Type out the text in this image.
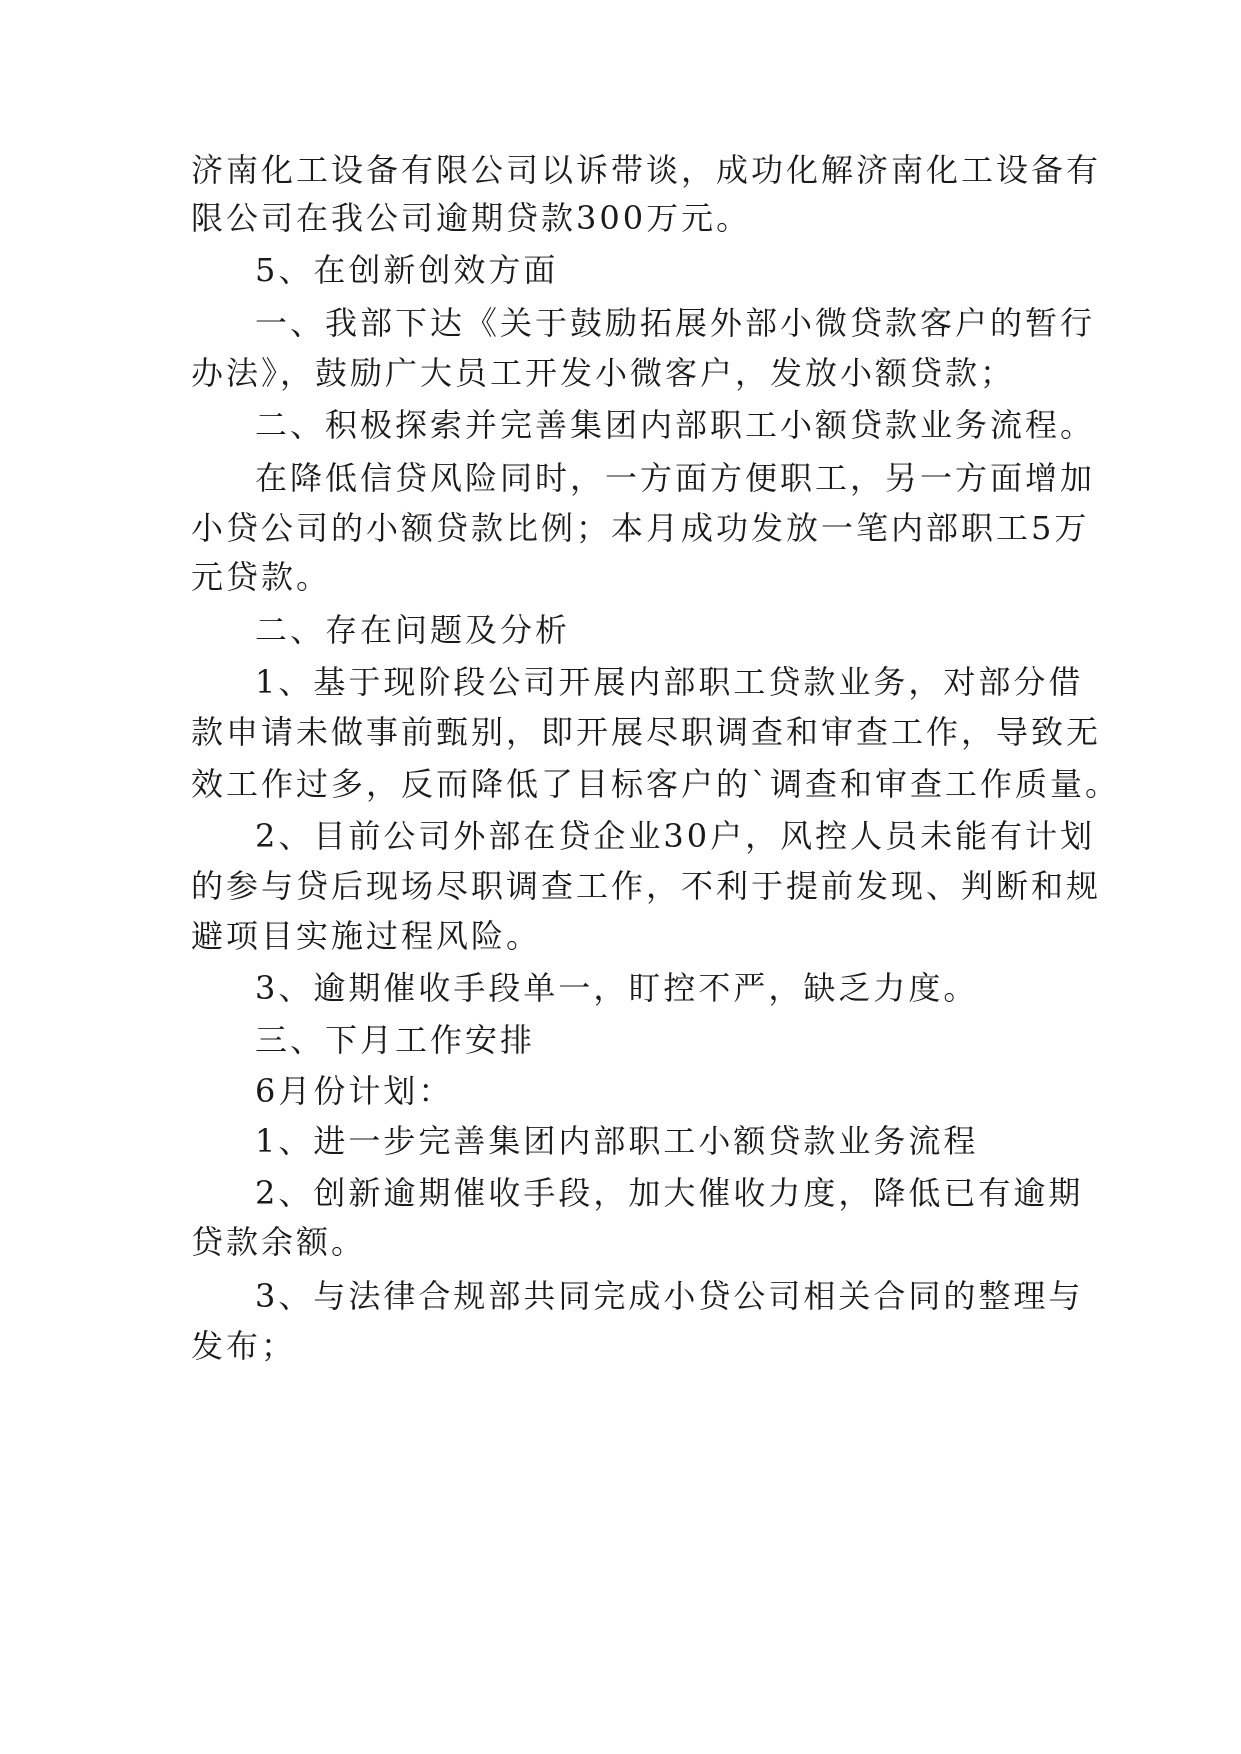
济南化工设备有限公司以诉带谈，成功化解济南化工设备有
限公司在我公司逾期贷款300万元。
5、在创新创效方面
一、我部下达《关于鼓励拓展外部小微贷款客户的暂行
办法》，鼓励广大员工开发小微客户，发放小额贷款；
二、积极探索并完善集团内部职工小额贷款业务流程。
在降低信贷风险同时，一方面方便职工，另一方面增加
小贷公司的小额贷款比例；本月成功发放一笔内部职工5万
元贷款。
二、存在问题及分析
1、基于现阶段公司开展内部职工贷款业务，对部分借
款申请未做事前甄别，即开展尽职调查和审查工作，导致无
效工作过多，反而降低了目标客户的`调查和审查工作质量。
2、目前公司外部在贷企业30户，风控人员未能有计划
的参与贷后现场尽职调查工作，不利于提前发现、判断和规
避项目实施过程风险。
3、逾期催收手段单一，盯控不严，缺乏力度。
三、下月工作安排
6月份计划：
1、进一步完善集团内部职工小额贷款业务流程
2、创新逾期催收手段，加大催收力度，降低已有逾期
贷款余额。
3、与法律合规部共同完成小贷公司相关合同的整理与
发布；
